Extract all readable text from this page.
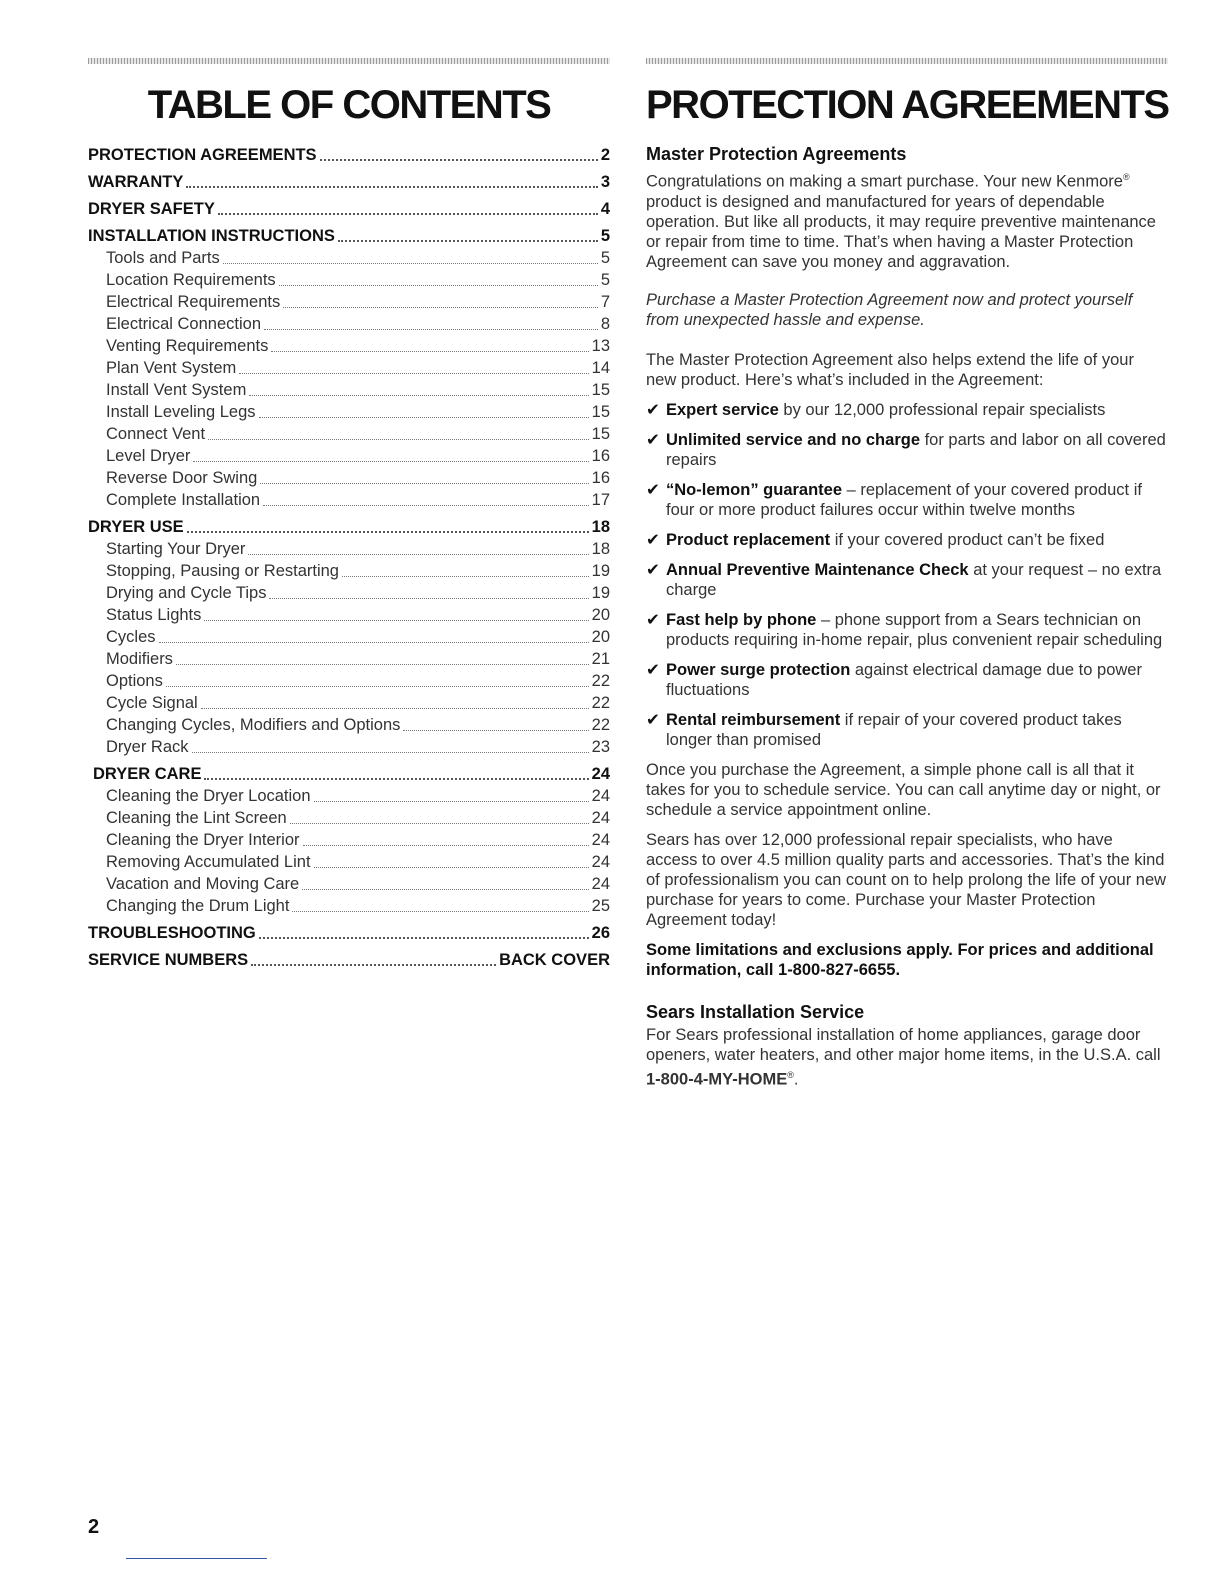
TABLE OF CONTENTS
PROTECTION AGREEMENTS	2
WARRANTY	3
DRYER SAFETY	4
INSTALLATION INSTRUCTIONS	5
Tools and Parts	5
Location Requirements	5
Electrical Requirements	7
Electrical Connection	8
Venting Requirements	13
Plan Vent System	14
Install Vent System	15
Install Leveling Legs	15
Connect Vent	15
Level Dryer	16
Reverse Door Swing	16
Complete Installation	17
DRYER USE	18
Starting Your Dryer	18
Stopping, Pausing or Restarting	19
Drying and Cycle Tips	19
Status Lights	20
Cycles	20
Modifiers	21
Options	22
Cycle Signal	22
Changing Cycles, Modifiers and Options	22
Dryer Rack	23
DRYER CARE	24
Cleaning the Dryer Location	24
Cleaning the Lint Screen	24
Cleaning the Dryer Interior	24
Removing Accumulated Lint	24
Vacation and Moving Care	24
Changing the Drum Light	25
TROUBLESHOOTING	26
SERVICE NUMBERS	BACK COVER
PROTECTION AGREEMENTS
Master Protection Agreements

Congratulations on making a smart purchase. Your new Kenmore® product is designed and manufactured for years of dependable operation. But like all products, it may require preventive maintenance or repair from time to time. That’s when having a Master Protection Agreement can save you money and aggravation.

Purchase a Master Protection Agreement now and protect yourself from unexpected hassle and expense.

The Master Protection Agreement also helps extend the life of your new product. Here’s what’s included in the Agreement:

✔ Expert service by our 12,000 professional repair specialists
✔ Unlimited service and no charge for parts and labor on all covered repairs
✔ “No-lemon” guarantee – replacement of your covered product if four or more product failures occur within twelve months
✔ Product replacement if your covered product can’t be fixed
✔ Annual Preventive Maintenance Check at your request – no extra charge
✔ Fast help by phone – phone support from a Sears technician on products requiring in-home repair, plus convenient repair scheduling
✔ Power surge protection against electrical damage due to power fluctuations
✔ Rental reimbursement if repair of your covered product takes longer than promised

Once you purchase the Agreement, a simple phone call is all that it takes for you to schedule service. You can call anytime day or night, or schedule a service appointment online.

Sears has over 12,000 professional repair specialists, who have access to over 4.5 million quality parts and accessories. That’s the kind of professionalism you can count on to help prolong the life of your new purchase for years to come. Purchase your Master Protection Agreement today!

Some limitations and exclusions apply. For prices and additional information, call 1-800-827-6655.

Sears Installation Service

For Sears professional installation of home appliances, garage door openers, water heaters, and other major home items, in the U.S.A. call 1-800-4-MY-HOME®.

2
